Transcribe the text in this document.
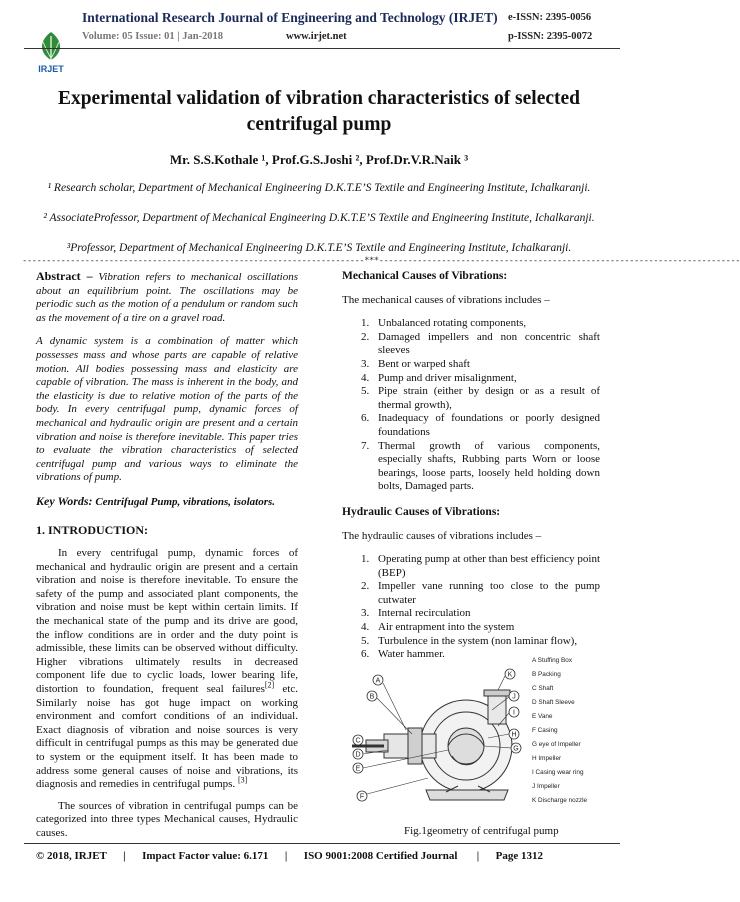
IRJET
International Research Journal of Engineering and Technology (IRJET)
Volume: 05 Issue: 01 | Jan-2018	www.irjet.net
e-ISSN: 2395-0056
p-ISSN: 2395-0072
Experimental validation of vibration characteristics of selected centrifugal pump
Mr. S.S.Kothale ¹, Prof.G.S.Joshi ², Prof.Dr.V.R.Naik ³
¹ Research scholar, Department of Mechanical Engineering D.K.T.E’S Textile and Engineering Institute, Ichalkaranji.
² AssociateProfessor, Department of Mechanical Engineering D.K.T.E’S Textile and Engineering Institute, Ichalkaranji.
³Professor, Department of Mechanical Engineering D.K.T.E’S Textile and Engineering Institute, Ichalkaranji.
-----------------------------------------------------------------------***---------------------------------------------------------------------------

Abstract – Vibration refers to mechanical oscillations about an equilibrium point. The oscillations may be periodic such as the motion of a pendulum or random such as the movement of a tire on a gravel road.

A dynamic system is a combination of matter which possesses mass and whose parts are capable of relative motion. All bodies possessing mass and elasticity are capable of vibration. The mass is inherent in the body, and the elasticity is due to relative motion of the parts of the body. In every centrifugal pump, dynamic forces of mechanical and hydraulic origin are present and a certain vibration and noise is therefore inevitable. This paper tries to evaluate the vibration characteristics of selected centrifugal pump and various ways to eliminate the vibrations of pump.

Key Words: Centrifugal Pump, vibrations, isolators.

1. INTRODUCTION:

In every centrifugal pump, dynamic forces of mechanical and hydraulic origin are present and a certain vibration and noise is therefore inevitable. To ensure the safety of the pump and associated plant components, the vibration and noise must be kept within certain limits. If the mechanical state of the pump and its drive are good, the inflow conditions are in order and the duty point is admissible, these limits can be observed without difficulty. Higher vibrations ultimately results in decreased component life due to cyclic loads, lower bearing life, distortion to foundation, frequent seal failures[2] etc. Similarly noise has got huge impact on working environment and comfort conditions of an individual. Exact diagnosis of vibration and noise sources is very difficult in centrifugal pumps as this may be generated due to system or the equipment itself. It has been made to address some general causes of noise and vibrations, its diagnosis and remedies in centrifugal pumps. [3]

The sources of vibration in centrifugal pumps can be categorized into three types Mechanical causes, Hydraulic causes.

Mechanical Causes of Vibrations:
The mechanical causes of vibrations includes –
1. Unbalanced rotating components,
2. Damaged impellers and non concentric shaft sleeves
3. Bent or warped shaft
4. Pump and driver misalignment,
5. Pipe strain (either by design or as a result of thermal growth),
6. Inadequacy of foundations or poorly designed foundations
7. Thermal growth of various components, especially shafts, Rubbing parts Worn or loose bearings, loose parts, loosely held holding down bolts, Damaged parts.
Hydraulic Causes of Vibrations:
The hydraulic causes of vibrations includes –
1. Operating pump at other than best efficiency point (BEP)
2. Impeller vane running too close to the pump cutwater
3. Internal recirculation
4. Air entrapment into the system
5. Turbulence in the system (non laminar flow),
6. Water hammer.
A
B
C
D
E
F
G
H
I
J
K
A Stuffing Box
B Packing
C Shaft
D Shaft Sleeve
E Vane
F Casing
G eye of Impeller
H Impeller
I Casing wear ring
J Impeller
K Discharge nozzle
Fig.1geometry of centrifugal pump
© 2018, IRJET      |      Impact Factor value: 6.171      |      ISO 9001:2008 Certified Journal       |      Page 1312
